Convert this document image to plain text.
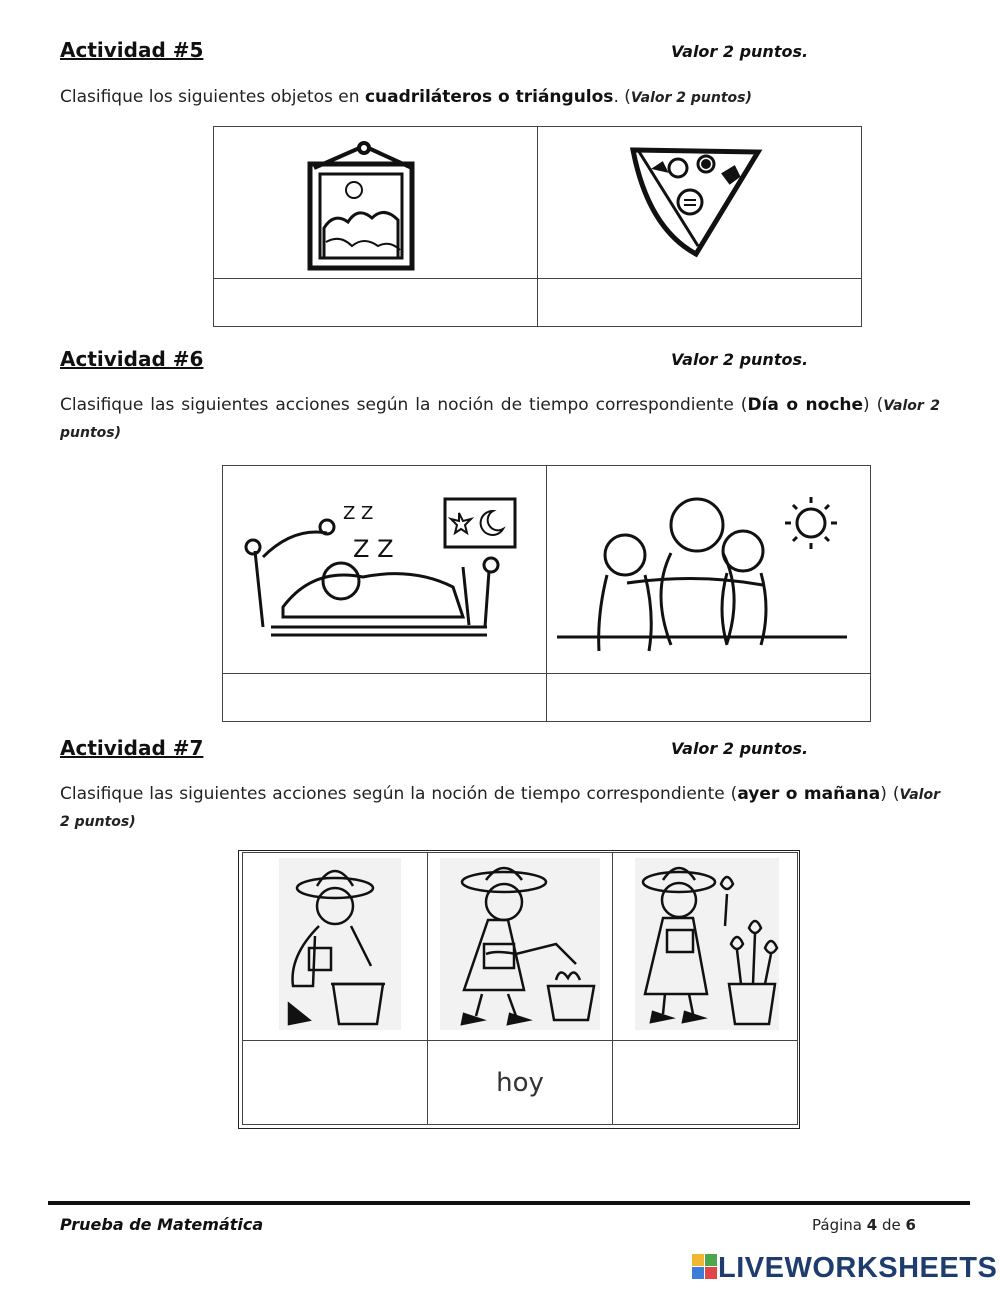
Actividad #5	Valor 2 puntos.
Clasifique los siguientes objetos en cuadriláteros o triángulos. (Valor 2 puntos)

Actividad #6	Valor 2 puntos.
Clasifique las siguientes acciones según la noción de tiempo correspondiente (Día o noche) (Valor 2 puntos)
Z Z
Z Z

Actividad #7	Valor 2 puntos.
Clasifique las siguientes acciones según la noción de tiempo correspondiente (ayer o mañana) (Valor 2 puntos)

	hoy	
Prueba de Matemática	Página 4 de 6
LIVEWORKSHEETS
